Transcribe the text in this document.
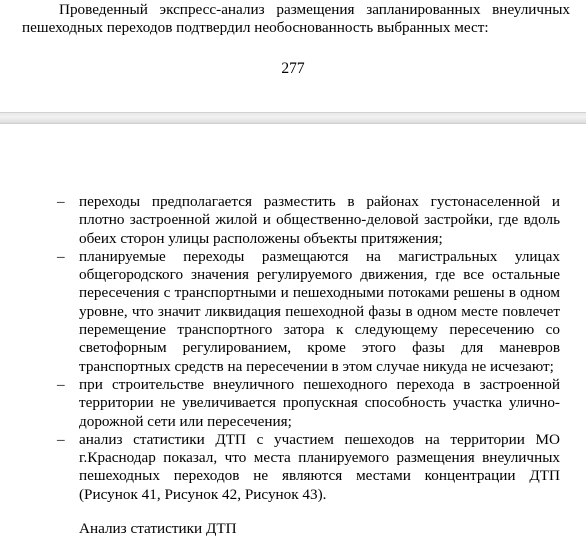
Проведенный экспресс-анализ размещения запланированных внеуличных пешеходных переходов подтвердил необоснованность выбранных мест:
277
– переходы предполагается разместить в районах густонаселенной и плотно застроенной жилой и общественно-деловой застройки, где вдоль обеих сторон улицы расположены объекты притяжения;
– планируемые переходы размещаются на магистральных улицах общегородского значения регулируемого движения, где все остальные пересечения с транспортными и пешеходными потоками решены в одном уровне, что значит ликвидация пешеходной фазы в одном месте повлечет перемещение транспортного затора к следующему пересечению со светофорным регулированием, кроме этого фазы для маневров транспортных средств на пересечении в этом случае никуда не исчезают;
– при строительстве внеуличного пешеходного перехода в застроенной территории не увеличивается пропускная способность участка улично-дорожной сети или пересечения;
– анализ статистики ДТП с участием пешеходов на территории МО г.Краснодар показал, что места планируемого размещения внеуличных пешеходных переходов не являются местами концентрации ДТП (Рисунок 41, Рисунок 42, Рисунок 43).
Анализ статистики ДТП
